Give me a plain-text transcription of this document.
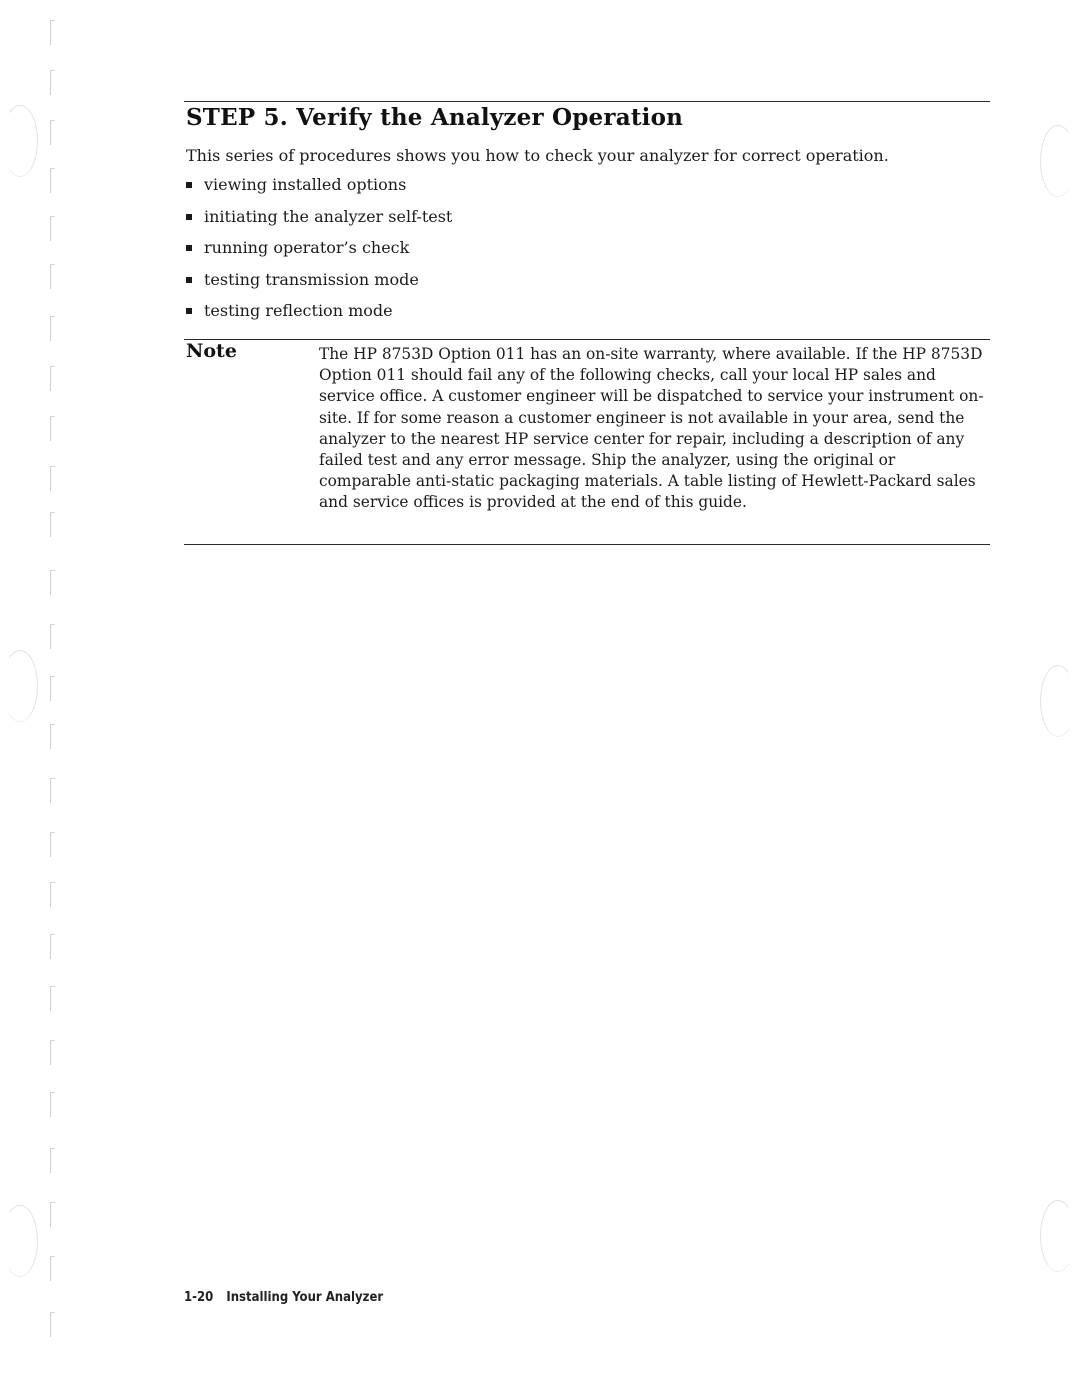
STEP 5. Verify the Analyzer Operation

This series of procedures shows you how to check your analyzer for correct operation.

viewing installed options
initiating the analyzer self-test
running operator’s check
testing transmission mode
testing reflection mode
Note	The HP 8753D Option 011 has an on-site warranty, where available. If the HP 8753D Option 011 should fail any of the following checks, call your local HP sales and service office. A customer engineer will be dispatched to service your instrument on-site. If for some reason a customer engineer is not available in your area, send the analyzer to the nearest HP service center for repair, including a description of any failed test and any error message. Ship the analyzer, using the original or comparable anti-static packaging materials. A table listing of Hewlett-Packard sales and service offices is provided at the end of this guide.

1-20 Installing Your Analyzer
